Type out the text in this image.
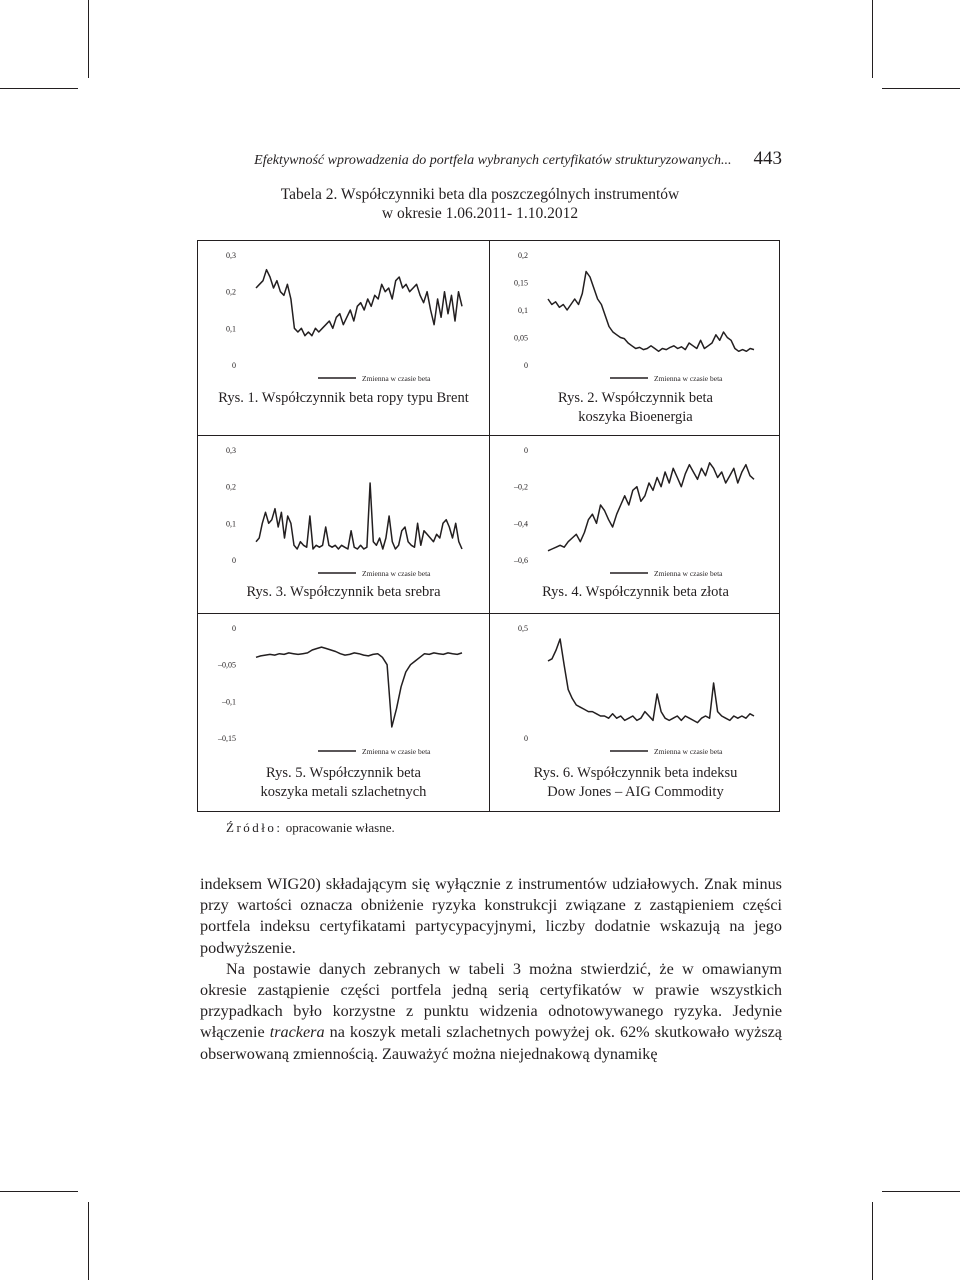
Efektywność wprowadzenia do portfela wybranych certyfikatów strukturyzowanych... 443
Tabela 2. Współczynniki beta dla poszczególnych instrumentów
w okresie 1.06.2011- 1.10.2012
0,3
0,2
0,1
0
Zmienna w czasie beta
Rys. 1. Współczynnik beta ropy typu Brent
0,2
0,15
0,1
0,05
0
Zmienna w czasie beta
Rys. 2. Współczynnik beta
koszyka Bioenergia
0,3
0,2
0,1
0
Zmienna w czasie beta
Rys. 3. Współczynnik beta srebra
0
–0,2
–0,4
–0,6
Zmienna w czasie beta
Rys. 4. Współczynnik beta złota
0
–0,05
–0,1
–0,15
Zmienna w czasie beta
Rys. 5. Współczynnik beta
koszyka metali szlachetnych
0,5
0
Zmienna w czasie beta
Rys. 6. Współczynnik beta indeksu
Dow Jones – AIG Commodity
Źródło: opracowanie własne.

indeksem WIG20) składającym się wyłącznie z instrumentów udziałowych. Znak minus przy wartości oznacza obniżenie ryzyka konstrukcji związane z zastąpieniem części portfela indeksu certyfikatami partycypacyjnymi, liczby dodatnie wskazują na jego podwyższenie.

Na postawie danych zebranych w tabeli 3 można stwierdzić, że w omawianym okresie zastąpienie części portfela jedną serią certyfikatów w prawie wszystkich przypadkach było korzystne z punktu widzenia odnotowywanego ryzyka. Jedynie włączenie trackera na koszyk metali szlachetnych powyżej ok. 62% skutkowało wyższą obserwowaną zmiennością. Zauważyć można niejednakową dynamikę
